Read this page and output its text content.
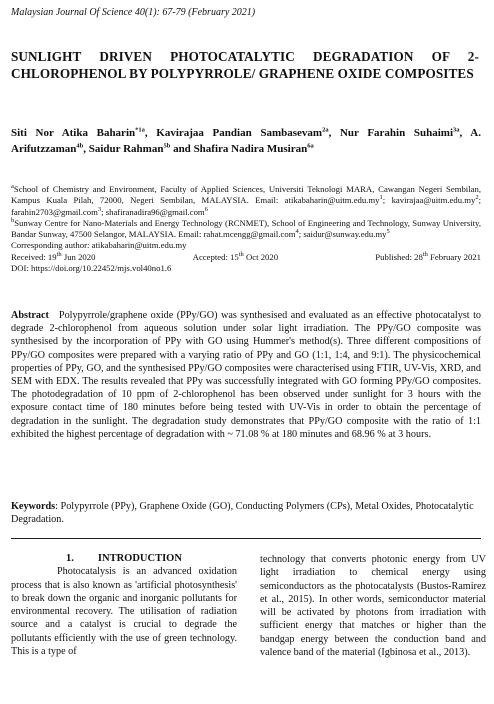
Malaysian Journal Of Science 40(1): 67-79 (February 2021)
SUNLIGHT DRIVEN PHOTOCATALYTIC DEGRADATION OF 2-CHLOROPHENOL BY POLYPYRROLE/ GRAPHENE OXIDE COMPOSITES
Siti Nor Atika Baharin$^{*1a}$, Kavirajaa Pandian Sambasevam$^{2a}$, Nur Farahin Suhaimi$^{3a}$, A. Arifutzzaman$^{4b}$, Saidur Rahman$^{5b}$ and Shafira Nadira Musiran$^{6a}$

$^a$School of Chemistry and Environment, Faculty of Applied Sciences, Universiti Teknologi MARA, Cawangan Negeri Sembilan, Kampus Kuala Pilah, 72000, Negeri Sembilan, MALAYSIA. Email: $atikabaharin@uitm.edu.my^1$; $kavirajaa@uitm.edu.my^2$; farahin2703@gmail.com$^3$; shafiranadira96@gmail.com$^6$

$^b$Sunway Centre for Nano-Materials and Energy Technology (RCNMET), School of Engineering and Technology, Sunway University, Bandar Sunway, 47500 Selangor, MALAYSIA. Email: rahat.mcengg@gmail.com$^4$; $saidur@sunway.edu.my^5$

Corresponding author: atikabaharin@uitm.edu.my

Received: 19th Jun 2020	Accepted: 15th Oct 2020	Published: 28th February 2021

DOI: https://doi.org/10.22452/mjs.vol40no1.6

Abstract Polypyrrole/graphene oxide (PPy/GO) was synthesised and evaluated as an effective photocatalyst to degrade 2-chlorophenol from aqueous solution under solar light irradiation. The PPy/GO composite was synthesised by the incorporation of PPy with GO using Hummer's method(s). Three different compositions of PPy/GO composites were prepared with a varying ratio of PPy and GO (1:1, 1:4, and 9:1). The physicochemical properties of PPy, GO, and the synthesised PPy/GO composites were characterised using FTIR, UV-Vis, XRD, and SEM with EDX. The results revealed that PPy was successfully integrated with GO forming PPy/GO composites. The photodegradation of 10 ppm of 2-chlorophenol has been observed under sunlight for 3 hours with the exposure contact time of 180 minutes before being tested with UV-Vis in order to obtain the percentage of degradation in the sunlight. The degradation study demonstrates that PPy/GO composite with the ratio of 1:1 exhibited the highest percentage of degradation with ~ 71.08 % at 180 minutes and 68.96 % at 3 hours.

Keywords: Polypyrrole (PPy), Graphene Oxide (GO), Conducting Polymers (CPs), Metal Oxides, Photocatalytic Degradation.

1. INTRODUCTION

Photocatalysis is an advanced oxidation process that is also known as 'artificial photosynthesis' to break down the organic and inorganic pollutants for environmental recovery. The utilisation of radiation source and a catalyst is crucial to degrade the pollutants efficiently with the use of green technology. This is a type of

technology that converts photonic energy from UV light irradiation to chemical energy using semiconductors as the photocatalysts (Bustos-Ramirez et al., 2015). In other words, semiconductor material will be activated by photons from irradiation with sufficient energy that matches or higher than the bandgap energy between the conduction band and valence band of the material (Igbinosa et al., 2013).
